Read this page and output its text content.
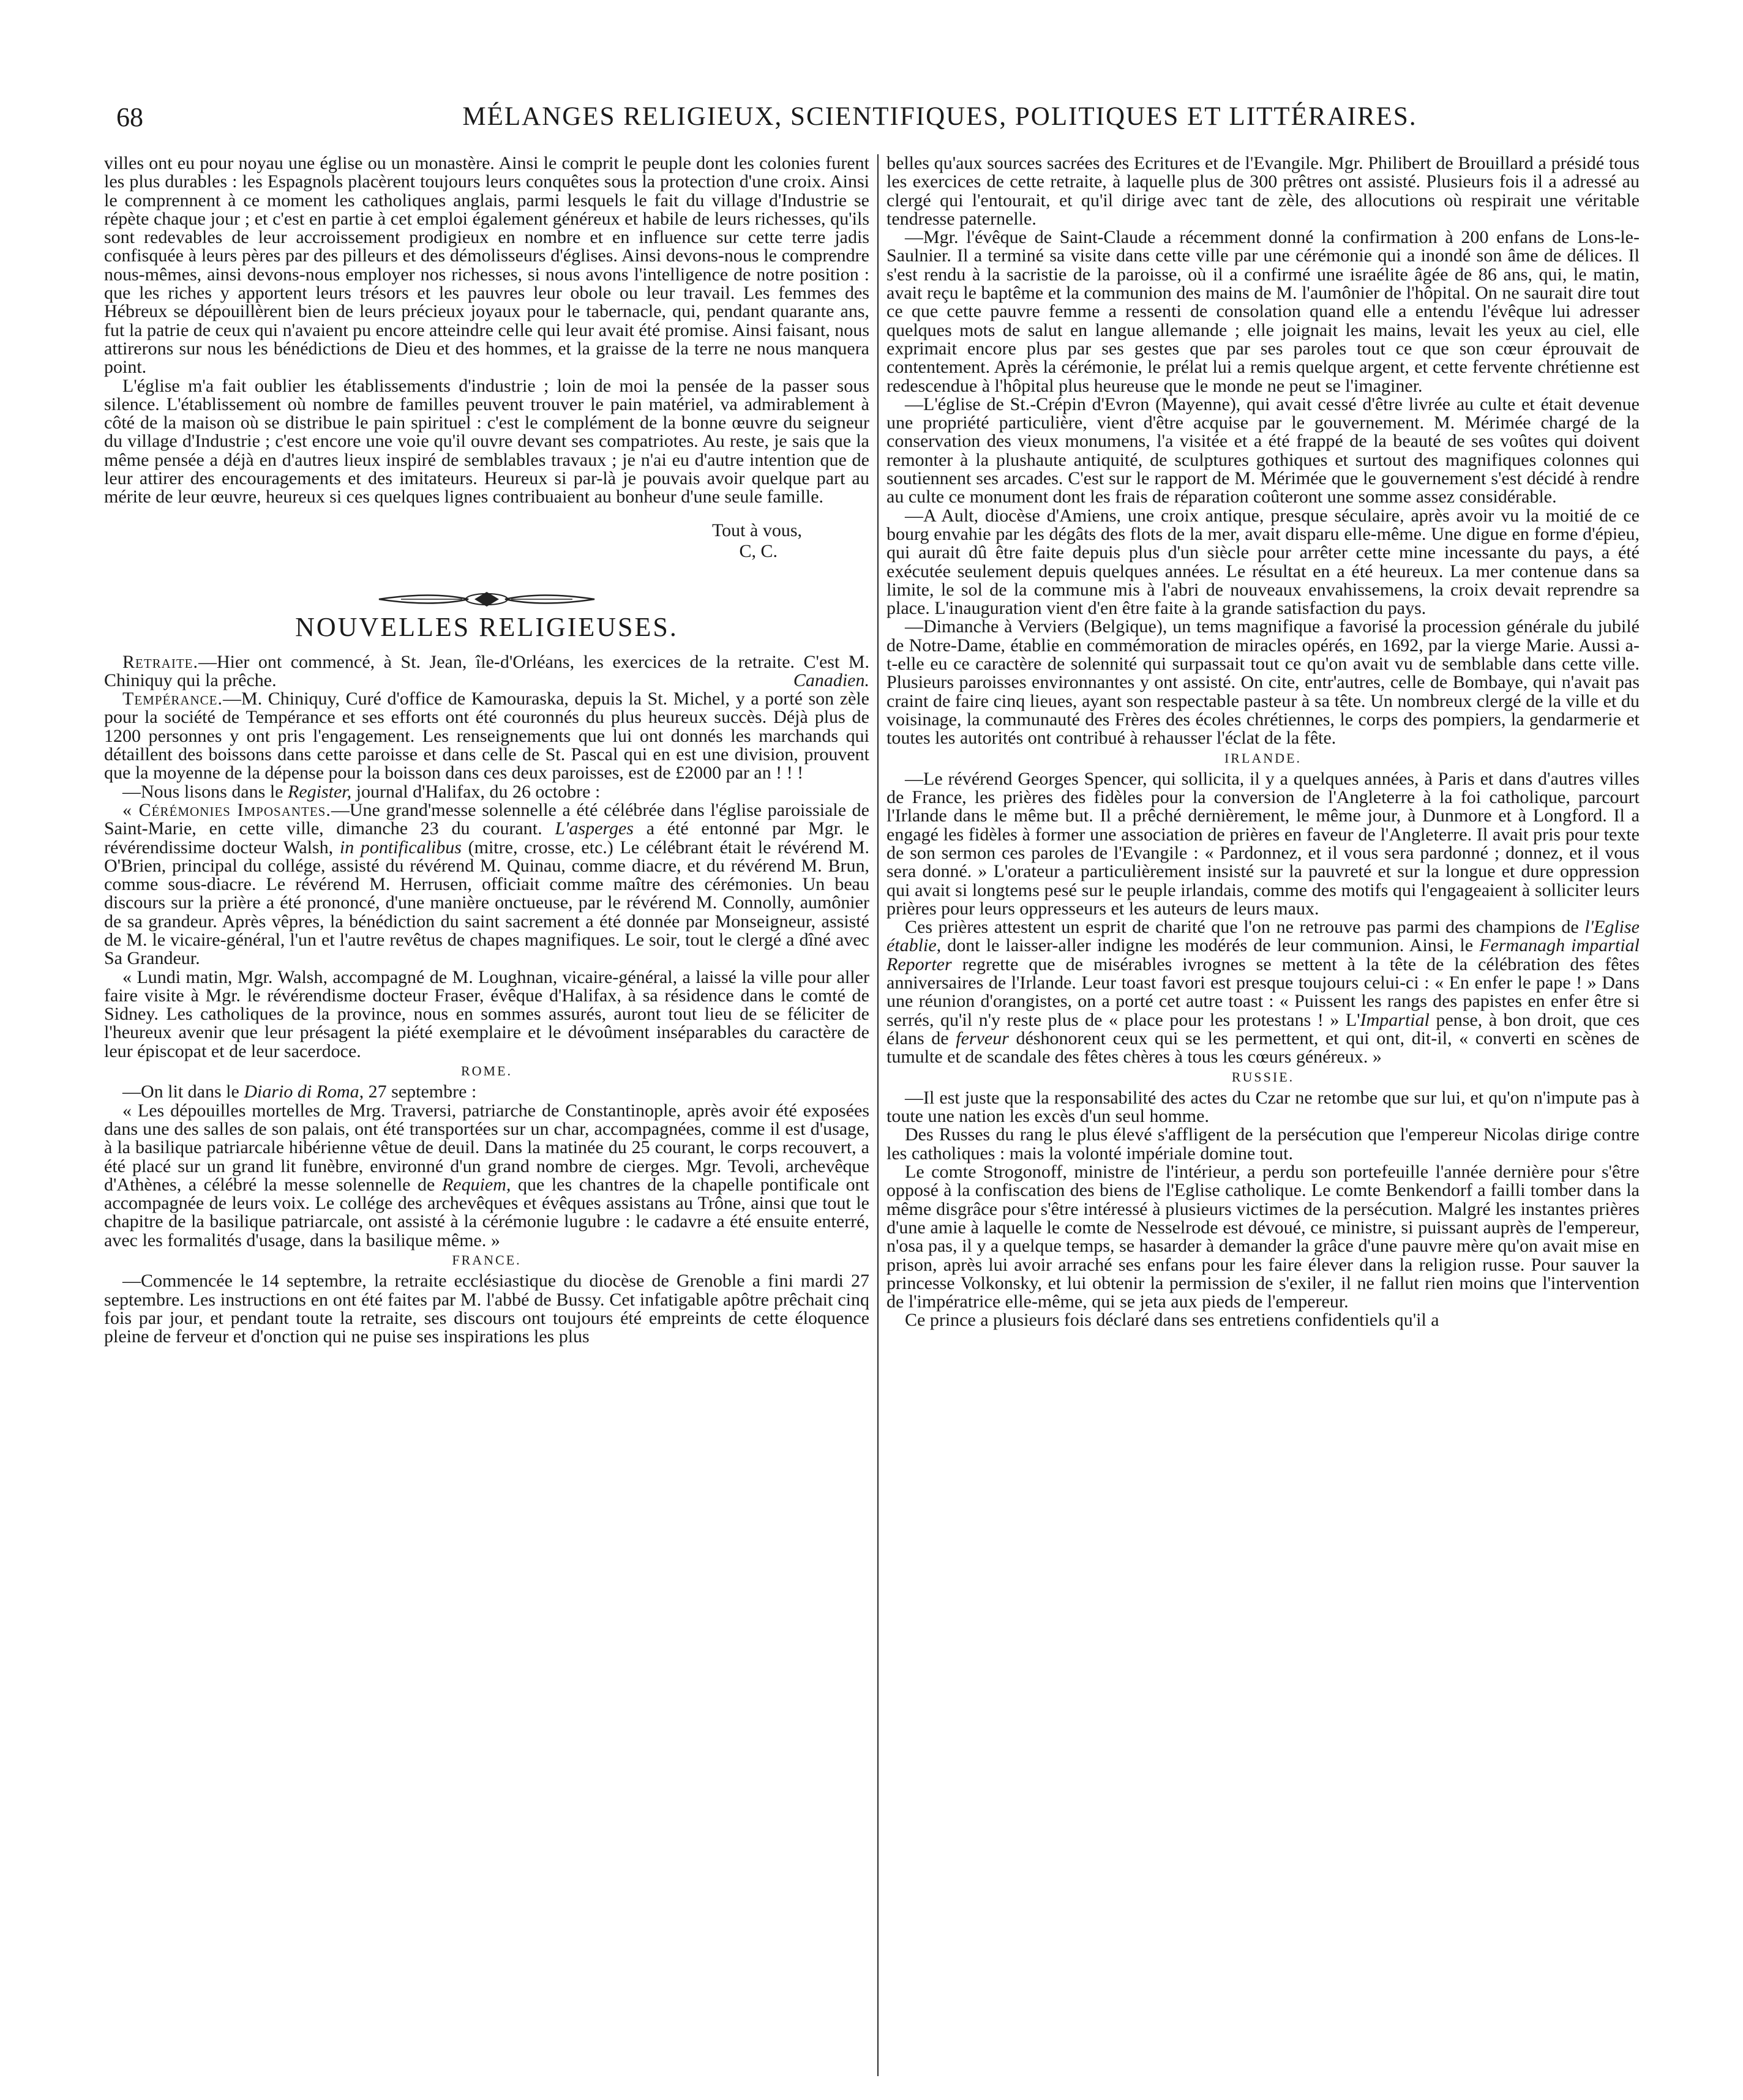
68	MÉLANGES RELIGIEUX, SCIENTIFIQUES, POLITIQUES ET LITTÉRAIRES.

villes ont eu pour noyau une église ou un monastère. Ainsi le comprit le peuple dont les colonies furent les plus durables : les Espagnols placèrent toujours leurs conquêtes sous la protection d'une croix. Ainsi le comprennent à ce moment les catholiques anglais, parmi lesquels le fait du village d'Industrie se répète chaque jour ; et c'est en partie à cet emploi également généreux et habile de leurs richesses, qu'ils sont redevables de leur accroissement prodigieux en nombre et en influence sur cette terre jadis confisquée à leurs pères par des pilleurs et des démolisseurs d'églises. Ainsi devons-nous le comprendre nous-mêmes, ainsi devons-nous employer nos richesses, si nous avons l'intelligence de notre position : que les riches y apportent leurs trésors et les pauvres leur obole ou leur travail. Les femmes des Hébreux se dépouillèrent bien de leurs précieux joyaux pour le tabernacle, qui, pendant quarante ans, fut la patrie de ceux qui n'avaient pu encore atteindre celle qui leur avait été promise. Ainsi faisant, nous attirerons sur nous les bénédictions de Dieu et des hommes, et la graisse de la terre ne nous manquera point.

L'église m'a fait oublier les établissements d'industrie ; loin de moi la pensée de la passer sous silence. L'établissement où nombre de familles peuvent trouver le pain matériel, va admirablement à côté de la maison où se distribue le pain spirituel : c'est le complément de la bonne œuvre du seigneur du village d'Industrie ; c'est encore une voie qu'il ouvre devant ses compatriotes. Au reste, je sais que la même pensée a déjà en d'autres lieux inspiré de semblables travaux ; je n'ai eu d'autre intention que de leur attirer des encouragements et des imitateurs. Heureux si par-là je pouvais avoir quelque part au mérite de leur œuvre, heureux si ces quelques lignes contribuaient au bonheur d'une seule famille.

Tout à vous,
C, C.
NOUVELLES RELIGIEUSES.

Retraite.—Hier ont commencé, à St. Jean, île-d'Orléans, les exercices de la retraite. C'est M. Chiniquy qui la prêche.	Canadien.

Tempérance.—M. Chiniquy, Curé d'office de Kamouraska, depuis la St. Michel, y a porté son zèle pour la société de Tempérance et ses efforts ont été couronnés du plus heureux succès. Déjà plus de 1200 personnes y ont pris l'engagement. Les renseignements que lui ont donnés les marchands qui détaillent des boissons dans cette paroisse et dans celle de St. Pascal qui en est une division, prouvent que la moyenne de la dépense pour la boisson dans ces deux paroisses, est de £2000 par an ! ! !

—Nous lisons dans le Register, journal d'Halifax, du 26 octobre :

« Cérémonies Imposantes.—Une grand'messe solennelle a été célébrée dans l'église paroissiale de Saint-Marie, en cette ville, dimanche 23 du courant. L'asperges a été entonné par Mgr. le révérendissime docteur Walsh, in pontificalibus (mitre, crosse, etc.) Le célébrant était le révérend M. O'Brien, principal du collége, assisté du révérend M. Quinau, comme diacre, et du révérend M. Brun, comme sous-diacre. Le révérend M. Herrusen, officiait comme maître des cérémonies. Un beau discours sur la prière a été prononcé, d'une manière onctueuse, par le révérend M. Connolly, aumônier de sa grandeur. Après vêpres, la bénédiction du saint sacrement a été donnée par Monseigneur, assisté de M. le vicaire-général, l'un et l'autre revêtus de chapes magnifiques. Le soir, tout le clergé a dîné avec Sa Grandeur.

« Lundi matin, Mgr. Walsh, accompagné de M. Loughnan, vicaire-général, a laissé la ville pour aller faire visite à Mgr. le révérendisme docteur Fraser, évêque d'Halifax, à sa résidence dans le comté de Sidney. Les catholiques de la province, nous en sommes assurés, auront tout lieu de se féliciter de l'heureux avenir que leur présagent la piété exemplaire et le dévoûment inséparables du caractère de leur épiscopat et de leur sacerdoce.

ROME.

—On lit dans le Diario di Roma, 27 septembre :

« Les dépouilles mortelles de Mrg. Traversi, patriarche de Constantinople, après avoir été exposées dans une des salles de son palais, ont été transportées sur un char, accompagnées, comme il est d'usage, à la basilique patriarcale hibérienne vêtue de deuil. Dans la matinée du 25 courant, le corps recouvert, a été placé sur un grand lit funèbre, environné d'un grand nombre de cierges. Mgr. Tevoli, archevêque d'Athènes, a célébré la messe solennelle de Requiem, que les chantres de la chapelle pontificale ont accompagnée de leurs voix. Le collége des archevêques et évêques assistans au Trône, ainsi que tout le chapitre de la basilique patriarcale, ont assisté à la cérémonie lugubre : le cadavre a été ensuite enterré, avec les formalités d'usage, dans la basilique même. »

FRANCE.

—Commencée le 14 septembre, la retraite ecclésiastique du diocèse de Grenoble a fini mardi 27 septembre. Les instructions en ont été faites par M. l'abbé de Bussy. Cet infatigable apôtre prêchait cinq fois par jour, et pendant toute la retraite, ses discours ont toujours été empreints de cette éloquence pleine de ferveur et d'onction qui ne puise ses inspirations les plus

belles qu'aux sources sacrées des Ecritures et de l'Evangile. Mgr. Philibert de Brouillard a présidé tous les exercices de cette retraite, à laquelle plus de 300 prêtres ont assisté. Plusieurs fois il a adressé au clergé qui l'entourait, et qu'il dirige avec tant de zèle, des allocutions où respirait une véritable tendresse paternelle.

—Mgr. l'évêque de Saint-Claude a récemment donné la confirmation à 200 enfans de Lons-le-Saulnier. Il a terminé sa visite dans cette ville par une cérémonie qui a inondé son âme de délices. Il s'est rendu à la sacristie de la paroisse, où il a confirmé une israélite âgée de 86 ans, qui, le matin, avait reçu le baptême et la communion des mains de M. l'aumônier de l'hôpital. On ne saurait dire tout ce que cette pauvre femme a ressenti de consolation quand elle a entendu l'évêque lui adresser quelques mots de salut en langue allemande ; elle joignait les mains, levait les yeux au ciel, elle exprimait encore plus par ses gestes que par ses paroles tout ce que son cœur éprouvait de contentement. Après la cérémonie, le prélat lui a remis quelque argent, et cette fervente chrétienne est redescendue à l'hôpital plus heureuse que le monde ne peut se l'imaginer.

—L'église de St.-Crépin d'Evron (Mayenne), qui avait cessé d'être livrée au culte et était devenue une propriété particulière, vient d'être acquise par le gouvernement. M. Mérimée chargé de la conservation des vieux monumens, l'a visitée et a été frappé de la beauté de ses voûtes qui doivent remonter à la plushaute antiquité, de sculptures gothiques et surtout des magnifiques colonnes qui soutiennent ses arcades. C'est sur le rapport de M. Mérimée que le gouvernement s'est décidé à rendre au culte ce monument dont les frais de réparation coûteront une somme assez considérable.

—A Ault, diocèse d'Amiens, une croix antique, presque séculaire, après avoir vu la moitié de ce bourg envahie par les dégâts des flots de la mer, avait disparu elle-même. Une digue en forme d'épieu, qui aurait dû être faite depuis plus d'un siècle pour arrêter cette mine incessante du pays, a été exécutée seulement depuis quelques années. Le résultat en a été heureux. La mer contenue dans sa limite, le sol de la commune mis à l'abri de nouveaux envahissemens, la croix devait reprendre sa place. L'inauguration vient d'en être faite à la grande satisfaction du pays.

—Dimanche à Verviers (Belgique), un tems magnifique a favorisé la procession générale du jubilé de Notre-Dame, établie en commémoration de miracles opérés, en 1692, par la vierge Marie. Aussi a-t-elle eu ce caractère de solennité qui surpassait tout ce qu'on avait vu de semblable dans cette ville. Plusieurs paroisses environnantes y ont assisté. On cite, entr'autres, celle de Bombaye, qui n'avait pas craint de faire cinq lieues, ayant son respectable pasteur à sa tête. Un nombreux clergé de la ville et du voisinage, la communauté des Frères des écoles chrétiennes, le corps des pompiers, la gendarmerie et toutes les autorités ont contribué à rehausser l'éclat de la fête.

IRLANDE.

—Le révérend Georges Spencer, qui sollicita, il y a quelques années, à Paris et dans d'autres villes de France, les prières des fidèles pour la conversion de l'Angleterre à la foi catholique, parcourt l'Irlande dans le même but. Il a prêché dernièrement, le même jour, à Dunmore et à Longford. Il a engagé les fidèles à former une association de prières en faveur de l'Angleterre. Il avait pris pour texte de son sermon ces paroles de l'Evangile : « Pardonnez, et il vous sera pardonné ; donnez, et il vous sera donné. » L'orateur a particulièrement insisté sur la pauvreté et sur la longue et dure oppression qui avait si longtems pesé sur le peuple irlandais, comme des motifs qui l'engageaient à solliciter leurs prières pour leurs oppresseurs et les auteurs de leurs maux.

Ces prières attestent un esprit de charité que l'on ne retrouve pas parmi des champions de l'Eglise établie, dont le laisser-aller indigne les modérés de leur communion. Ainsi, le Fermanagh impartial Reporter regrette que de misérables ivrognes se mettent à la tête de la célébration des fêtes anniversaires de l'Irlande. Leur toast favori est presque toujours celui-ci : « En enfer le pape ! » Dans une réunion d'orangistes, on a porté cet autre toast : « Puissent les rangs des papistes en enfer être si serrés, qu'il n'y reste plus de « place pour les protestans ! » L'Impartial pense, à bon droit, que ces élans de ferveur déshonorent ceux qui se les permettent, et qui ont, dit-il, « converti en scènes de tumulte et de scandale des fêtes chères à tous les cœurs généreux. »

RUSSIE.

—Il est juste que la responsabilité des actes du Czar ne retombe que sur lui, et qu'on n'impute pas à toute une nation les excès d'un seul homme.

Des Russes du rang le plus élevé s'affligent de la persécution que l'empereur Nicolas dirige contre les catholiques : mais la volonté impériale domine tout.

Le comte Strogonoff, ministre de l'intérieur, a perdu son portefeuille l'année dernière pour s'être opposé à la confiscation des biens de l'Eglise catholique. Le comte Benkendorf a failli tomber dans la même disgrâce pour s'être intéressé à plusieurs victimes de la persécution. Malgré les instantes prières d'une amie à laquelle le comte de Nesselrode est dévoué, ce ministre, si puissant auprès de l'empereur, n'osa pas, il y a quelque temps, se hasarder à demander la grâce d'une pauvre mère qu'on avait mise en prison, après lui avoir arraché ses enfans pour les faire élever dans la religion russe. Pour sauver la princesse Volkonsky, et lui obtenir la permission de s'exiler, il ne fallut rien moins que l'intervention de l'impératrice elle-même, qui se jeta aux pieds de l'empereur.

Ce prince a plusieurs fois déclaré dans ses entretiens confidentiels qu'il a
